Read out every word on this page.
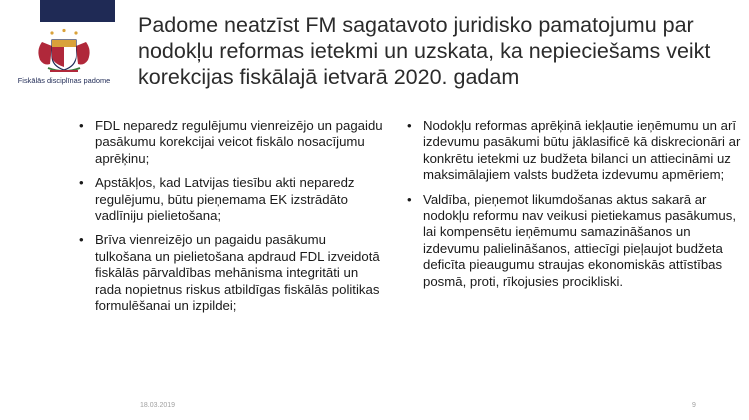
Fiskālās disciplīnas padome
Padome neatzīst FM sagatavoto juridisko pamatojumu par nodokļu reformas ietekmi un uzskata, ka nepieciešams veikt korekcijas fiskālajā ietvarā 2020. gadam
• FDL neparedz regulējumu vienreizējo un pagaidu pasākumu korekcijai veicot fiskālo nosacījumu aprēķinu;
• Apstākļos, kad Latvijas tiesību akti neparedz regulējumu, būtu pieņemama EK izstrādāto vadlīniju pielietošana;
• Brīva vienreizējo un pagaidu pasākumu tulkošana un pielietošana apdraud FDL izveidotā fiskālās pārvaldības mehānisma integritāti un rada nopietnus riskus atbildīgas fiskālās politikas formulēšanai un izpildei;
• Nodokļu reformas aprēķinā iekļautie ieņēmumu un arī izdevumu pasākumi būtu jāklasificē kā diskrecionāri ar konkrētu ietekmi uz budžeta bilanci un attiecināmi uz maksimālajiem valsts budžeta izdevumu apmēriem;
• Valdība, pieņemot likumdošanas aktus sakarā ar nodokļu reformu nav veikusi pietiekamus pasākumus, lai kompensētu ieņēmumu samazināšanos un izdevumu palielināšanos, attiecīgi pieļaujot budžeta deficīta pieaugumu straujas ekonomiskās attīstības posmā, proti, rīkojusies procikliski.
18.03.2019	9
